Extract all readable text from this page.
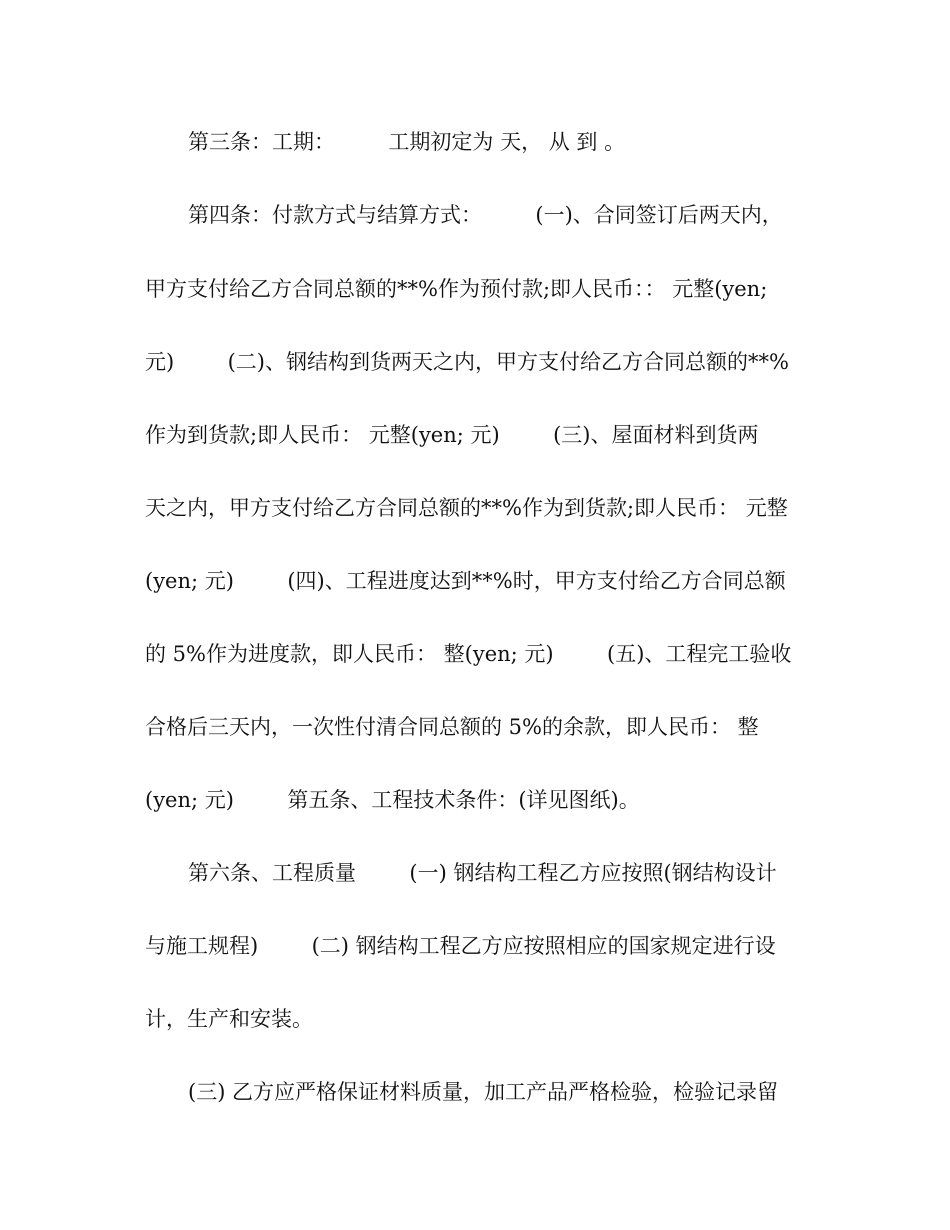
第三条：工期：        工期初定为 天， 从 到 。
第四条：付款方式与结算方式：        (一)、合同签订后两天内，
甲方支付给乙方合同总额的**%作为预付款;即人民币：： 元整(yen;
元)        (二)、钢结构到货两天之内，甲方支付给乙方合同总额的**%
作为到货款;即人民币： 元整(yen; 元)        (三)、屋面材料到货两
天之内，甲方支付给乙方合同总额的**%作为到货款;即人民币： 元整
(yen; 元)        (四)、工程进度达到**%时，甲方支付给乙方合同总额
的 5%作为进度款，即人民币： 整(yen; 元)        (五)、工程完工验收
合格后三天内，一次性付清合同总额的 5%的余款，即人民币： 整
(yen; 元)        第五条、工程技术条件：(详见图纸)。
第六条、工程质量        (一) 钢结构工程乙方应按照(钢结构设计
与施工规程)        (二) 钢结构工程乙方应按照相应的国家规定进行设
计，生产和安装。
(三) 乙方应严格保证材料质量，加工产品严格检验，检验记录留
